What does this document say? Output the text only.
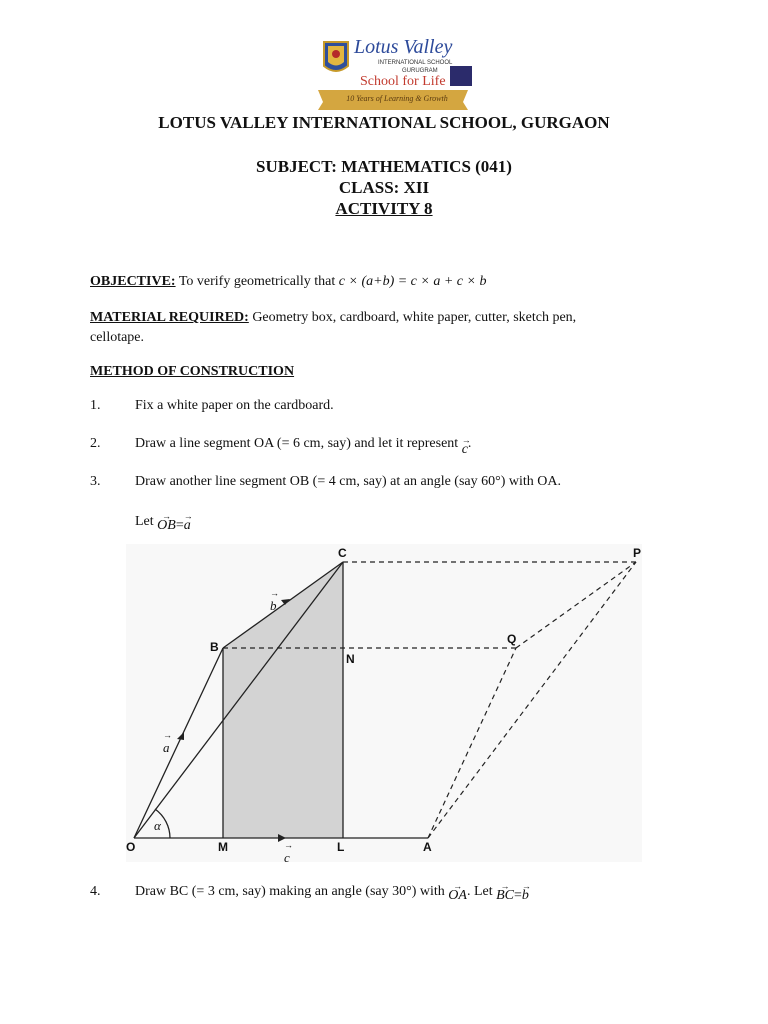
Lotus Valley
INTERNATIONAL SCHOOL
GURUGRAM
School for Life
10 Years of Learning & Growth
LOTUS VALLEY INTERNATIONAL SCHOOL, GURGAON
SUBJECT: MATHEMATICS (041)
CLASS: XII
ACTIVITY 8
OBJECTIVE: To verify geometrically that c × (a+b) = c × a + c × b
MATERIAL REQUIRED: Geometry box, cardboard, white paper, cutter, sketch pen,
cellotape.
METHOD OF CONSTRUCTION
1. Fix a white paper on the cardboard.
2. Draw a line segment OA (= 6 cm, say) and let it represent → c.
3. Draw another line segment OB (= 4 cm, say) at an angle (say 60°) with OA.
Let → OB=→ a
O	M	L	A
B
C
N
P
Q
α
→ a
→ b
→ c
4. Draw BC (= 3 cm, say) making an angle (say 30°) with → OA. Let → BC=→ b
